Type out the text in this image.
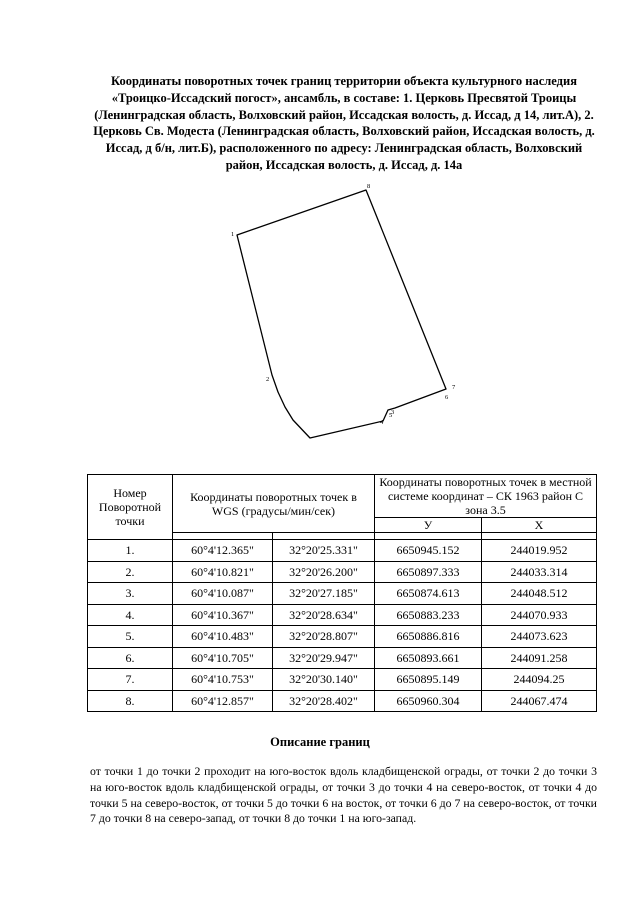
Координаты поворотных точек границ территории объекта культурного наследия «Троицко-Иссадский погост», ансамбль, в составе: 1. Церковь Пресвятой Троицы (Ленинградская область, Волховский район, Иссадская волость, д. Иссад, д 14, лит.А), 2. Церковь Св. Модеста (Ленинградская область, Волховский район, Иссадская волость, д. Иссад, д б/н, лит.Б), расположенного по адресу: Ленинградская область, Волховский район, Иссадская волость, д. Иссад, д. 14а
1
2
3
4
5
6
7
8
Номер Поворотной точки	Координаты поворотных точек в WGS (градусы/мин/сек)		Координаты поворотных точек в местной системе координат – СК 1963 район С зона 3.5	
			У	Х

1.	60°4'12.365"	32°20'25.331"	6650945.152	244019.952
2.	60°4'10.821"	32°20'26.200"	6650897.333	244033.314
3.	60°4'10.087"	32°20'27.185"	6650874.613	244048.512
4.	60°4'10.367"	32°20'28.634"	6650883.233	244070.933
5.	60°4'10.483"	32°20'28.807"	6650886.816	244073.623
6.	60°4'10.705"	32°20'29.947"	6650893.661	244091.258
7.	60°4'10.753"	32°20'30.140"	6650895.149	244094.25
8.	60°4'12.857"	32°20'28.402"	6650960.304	244067.474
Описание границ
от точки 1 до точки 2 проходит на юго-восток вдоль кладбищенской ограды, от точки 2 до точки 3 на юго-восток вдоль кладбищенской ограды, от точки 3 до точки 4 на северо-восток, от точки 4 до точки 5 на северо-восток, от точки 5 до точки 6 на восток, от точки 6 до 7 на северо-восток, от точки 7 до точки 8 на северо-запад, от точки 8 до точки 1 на юго-запад.
